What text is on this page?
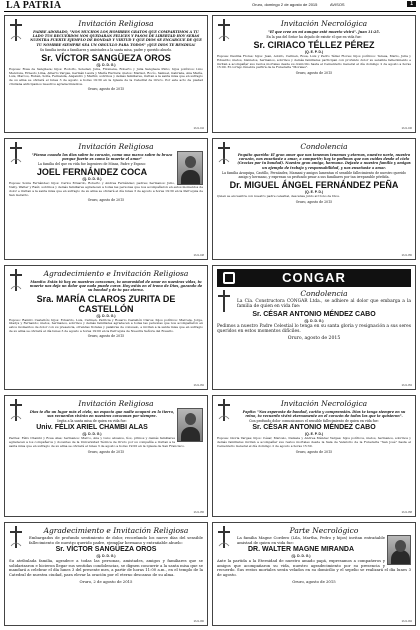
LA PATRIA	Oruro, domingo 2 de agosto de 2015	AVISOS	1
Invitación Religiosa
PADRE ADORADO, "NOS MUCHOS LOS HOMBRES GRATOS QUE COMPARTIMOS A TU LADO TUS RECUERDOS NOS QUEDARÁN FELICES Y PASOS DE LIBERTAD HOY SERÁS NUESTRA FUERTE EJEMPLO DE BONDAD Y VIRTUD Y QUE DIOS SE ENCARGUE DE QUE TU NOMBRE SIEMPRE SEA UN ORGULLO PARA TODOS" ¡QUE DIOS TE BENDIGA!
Su familia invita a familiares y amistades a la santa misa, padre y querido abuelo.
Sr. VÍCTOR SANGÜEZA OROS
(Q. D. D. G.)
Esposa: Rosa de Sangüeza; hijos: Rodolfo, Soledad, Julia, Filomena, Roberto y Julia Sangüeza Pinto; hijos políticos: Lino Mendoza, Ernesto Lima, Alberto Vargas, Germán Laura y María Herrera; nietos: Marisol, Rocío, Samuel, Gabriela, Ana María, Luis, Marcos, Rubén, Sofía, Fernanda, Alejandro y Martín; sobrinos y demás familiares, invitan a la santa misa que en sufragio de su alma se oficiará el lunes 3 de agosto a horas 19:30 en la Iglesia de la Catedral de Oruro. Por este acto de piedad cristiana anticipamos nuestros agradecimientos.
Oruro, agosto de 2015
M-21-044
Invitación Necrológica
"El que cree en mí aunque esté muerto vivirá". Juan 11:25.
En la paz del Señor ha dejado de existir el que en vida fue:
Sr. CIRIACO TÉLLEZ PÉREZ
(Q. E. P. D.)
Esposa: Paulina Flores; hijos: Juan, Adolfo, Carmen, Rosa, Luis y Pedro Téllez Flores; hijos políticos: Teresa, Mario, Julia y Eduardo; nietos, bisnietos, hermanos, sobrinos y demás familiares participan con profundo dolor su sensible fallecimiento e invitan a acompañar sus restos mortales desde su domicilio hasta el Cementerio General el día domingo 2 de agosto a horas 15:00. El cortejo fúnebre partirá de la Funeraria "Morales".
Oruro, agosto de 2015
M-21-046
Invitación Religiosa
"Pienso cuando los días sobre tu corazón, como una marca sobre tu brazo porque fuerte es como la muerte el amor"
La familia del que en vida fue Ingeniero de Minas, Padre y Esposo:
JOEL FERNÁNDEZ COCA
(Q. D. D. G.)
Esposa: Sonia Fernández; hijos: Carlos Eduardo, Roberto y Andrea Fernández; padres; hermanos: Julio, Nelly, Walter y Raúl; sobrinos y demás familiares agradecen a todas las personas que nos acompañaron en estos momentos de dolor e invitan a la santa misa que en sufragio de su alma se oficiará el día lunes 3 de agosto a horas 19:30 en la Parroquia de San Gerardo.
Oruro, agosto de 2015
M-21-048
Condolencia
Pequito querido: El gran amor que nos tenemos tenemos y eternos, nuestro norte, nuestro corazón, nos enseñaste a amar, a compartir; hoy te pedimos que nos cuides desde el cielo (Gracias por tu bondad). Nuestra gran amigo, hermano. Dejaste a nuestra familia y amigos un ejemplo de trabajo y responsabilidad, y nos enseñaste a amar.
La familia Aruquipa, Castillo, Fernández, Mamani y amigos lamentan el sensible fallecimiento de nuestro querido amigo y hermano, y expresan su profundo pesar a sus familiares por tan irreparable pérdida.
Dr. MIGUEL ÁNGEL FERNÁNDEZ PEÑA
(Q. E. P. D.)
Quien se encuentra con nuestro padre celestial, descansa junto al trono de Dios.
Oruro, agosto de 2015
M-21-050
Agradecimiento e Invitación Religiosa
Mamita: Estás tú hoy en nuestros corazones, tu amorosidad de amor en nuestras vidas, tu muerte nos deja un dolor que nada puede curar. Hoy estás en el trono de Dios, gozando de su bondad y de tu paz eterna.
Sra. MARÍA CLAROS ZURITA DE CASTELLÓN
(Q. D. D. G.)
Esposo: Ramiro Castellón; hijos: Eduardo, Luis, Carmen, Patricia y Rosario Castellón Claros; hijos políticos: Marcela, Jorge, Gladys y Fernando; nietos, hermanos, sobrinos y demás familiares agradecen a todas las personas que nos acompañaron en estos momentos de dolor con su presencia, ofrendas florales y palabras de consuelo, e invitan a la santa misa que en sufragio de su alma se oficiará el día lunes 3 de agosto a horas 19:00 en la Parroquia de Nuestra Señora del Rosario.
Oruro, agosto de 2015
M-21-052
CONGAR
Condolencia
La Cía. Constructora CONGAR Ltda., se adhiere al dolor que embarga a la familia de quien en vida fue:
Sr. CÉSAR ANTONIO MÉNDEZ CABO
(Q. D. D. G.)
Pedimos a nuestro Padre Celestial lo tenga en su santa gloria y resignación a sus seres queridos en estos momentos difíciles.
Oruro, agosto de 2015
M-21-054
Invitación Religiosa
Dios te dio un lugar más el cielo, un espacio que nadie ocupará en la tierra, sus recuerdos vivirán en nuestros corazones por siempre.
Invita a la santa misa de quien en vida fue:
Univ. FÉLIX ARIEL CHAMBI ALAS
(Q. D. D. G.)
Padres: Félix Chambi y Rosa Alas; hermanos: Marco, Ana y Luis; abuelos, tíos, primos y demás familiares agradecen a los compañeros y docentes de la Universidad Técnica de Oruro por su compañía e invitan a la santa misa que en sufragio de su alma se oficiará el lunes 3 de agosto a horas 19:00 en la Iglesia de San Francisco.
Oruro, agosto de 2015
M-21-056
Invitación Necrológica
Papito: "Nos esperaste de bondad, cariño y comprensión. Dios te tenga siempre en su reino, tu recuerdo vivirá eternamente en el corazón de todos los que te quisieron".
Con profundo dolor comunicamos el sensible fallecimiento de quien en vida fue:
Sr. CÉSAR ANTONIO MÉNDEZ CABO
(Q. E. P. D.)
Esposa: Gloria Vargas; hijos: César, Marcelo, Daniela y Andrea Méndez Vargas; hijos políticos, nietos, hermanos, sobrinos y demás familiares invitan a acompañar sus restos mortales desde la Sala de Velatorio de la Funeraria "San José" hasta el Cementerio General el día domingo 2 de agosto a horas 15:30.
Oruro, agosto de 2015
M-21-058
Agradecimiento e Invitación Religiosa
Embargados de profundo sentimiento de dolor, recordando los nueve días del sensible fallecimiento de nuestro querido padre, ejemplar hermano y entrañable abuelo:
Sr. VÍCTOR SANGÜEZA OROS
(Q. D. D. G.)
Su atribulada familia, agradece a todas las personas, amistades, amigos y familiares que se solidarizaron e hicieron llegar sus sentidas condolencias, se dignen concurrir a la santa misa que se mandará a celebrar el día lunes 3 del presente mes, a partir de horas 11:00 a.m., en el templo de la Catedral de nuestra ciudad, para elevar la oración por el eterno descanso de su alma.
Oruro, 2 de agosto de 2015
M-21-060
Parte Necrológico
La familia Magne Cordero (Lila, Martha, Pedro y hijos) invitan entrañable amistad de quien en vida fue:
DR. WALTER MAGNE MIRANDA
(Q. D. D. G.)
Ante la partida a la Eternidad de nuestro amado papá, expresamos a compañeros y amigos que acompañaron su vida, nuestro agradecimiento por su presencia y recuerdo. Sus restos mortales serán velados en su domicilio y el sepelio se realizará el día lunes 3 de agosto.
Oruro, agosto de 2015
M-21-062
